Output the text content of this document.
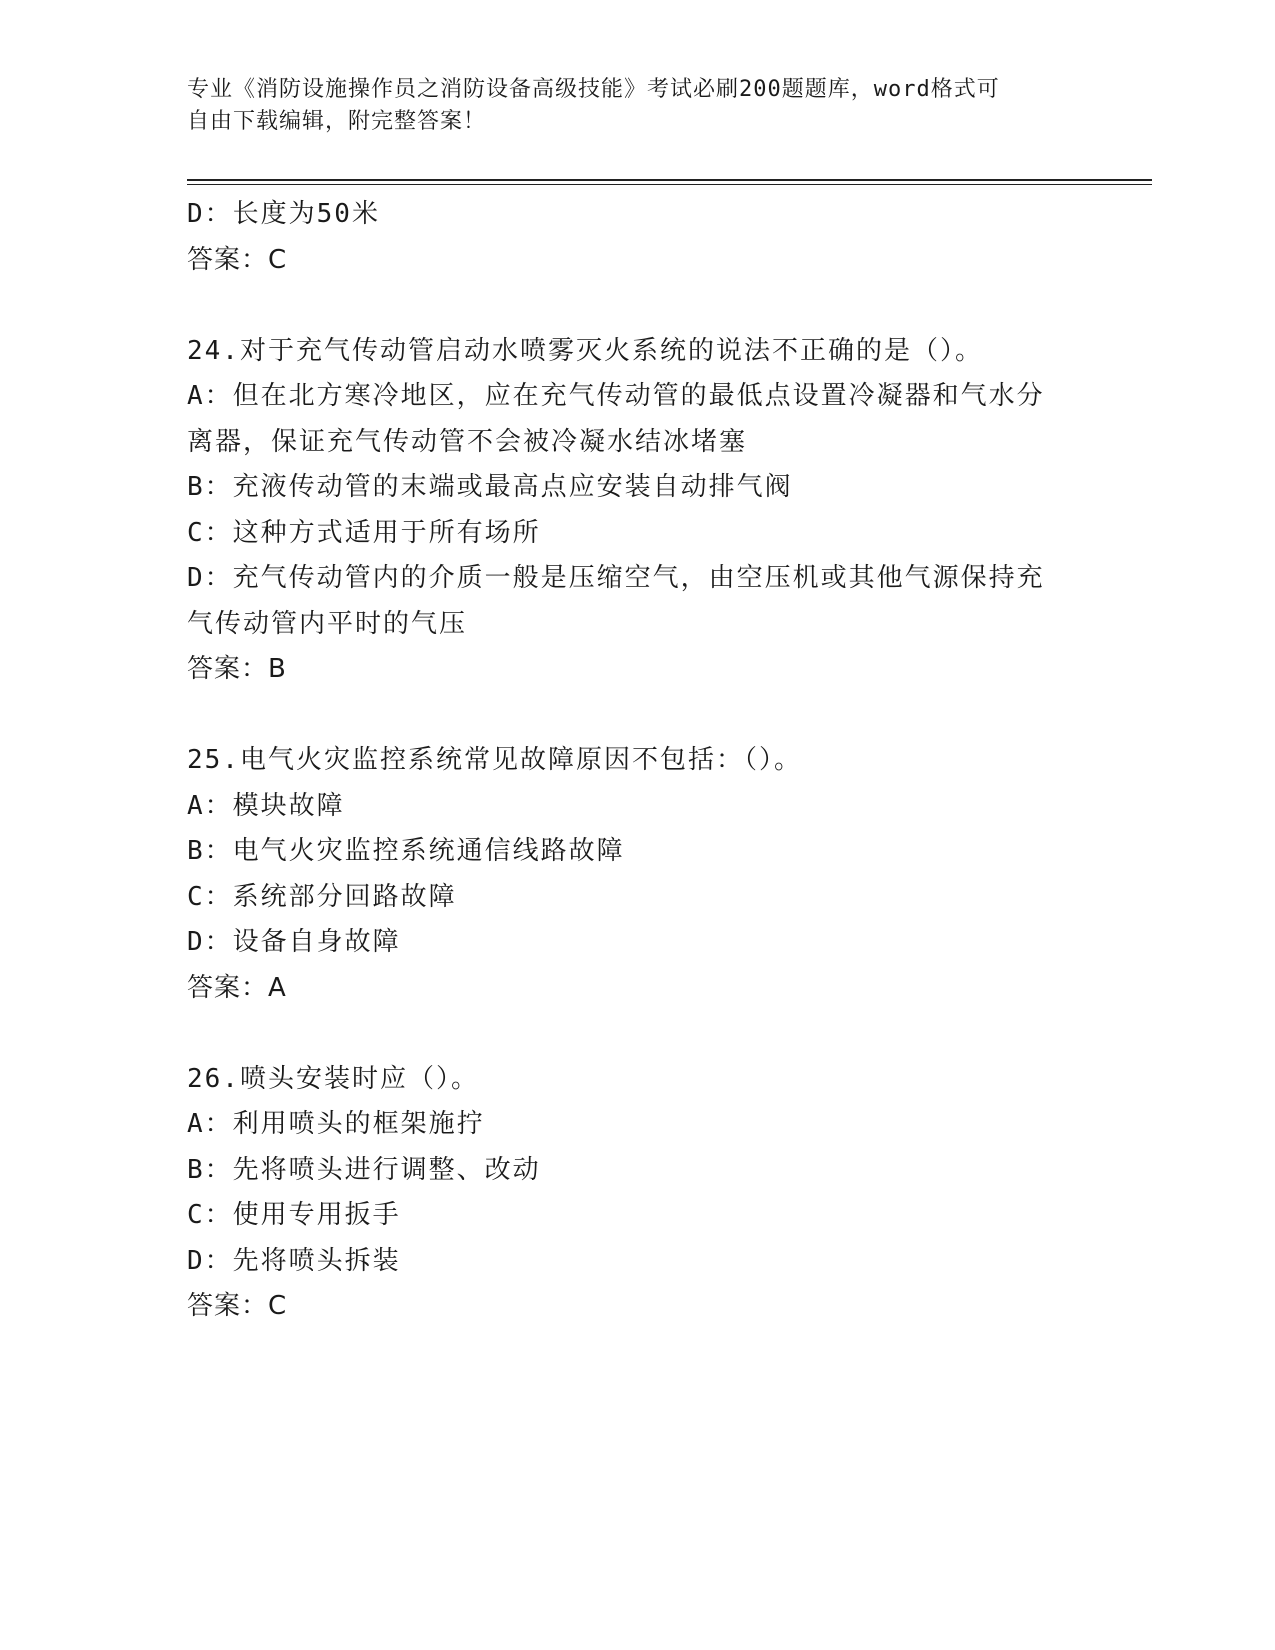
专业《消防设施操作员之消防设备高级技能》考试必刷200题题库，word格式可
自由下载编辑，附完整答案！
D：长度为50米
答案：C
24.对于充气传动管启动水喷雾灭火系统的说法不正确的是（）。
A：但在北方寒冷地区，应在充气传动管的最低点设置冷凝器和气水分
离器，保证充气传动管不会被冷凝水结冰堵塞
B：充液传动管的末端或最高点应安装自动排气阀
C：这种方式适用于所有场所
D：充气传动管内的介质一般是压缩空气，由空压机或其他气源保持充
气传动管内平时的气压
答案：B
25.电气火灾监控系统常见故障原因不包括：（）。
A：模块故障
B：电气火灾监控系统通信线路故障
C：系统部分回路故障
D：设备自身故障
答案：A
26.喷头安装时应（）。
A：利用喷头的框架施拧
B：先将喷头进行调整、改动
C：使用专用扳手
D：先将喷头拆装
答案：C
